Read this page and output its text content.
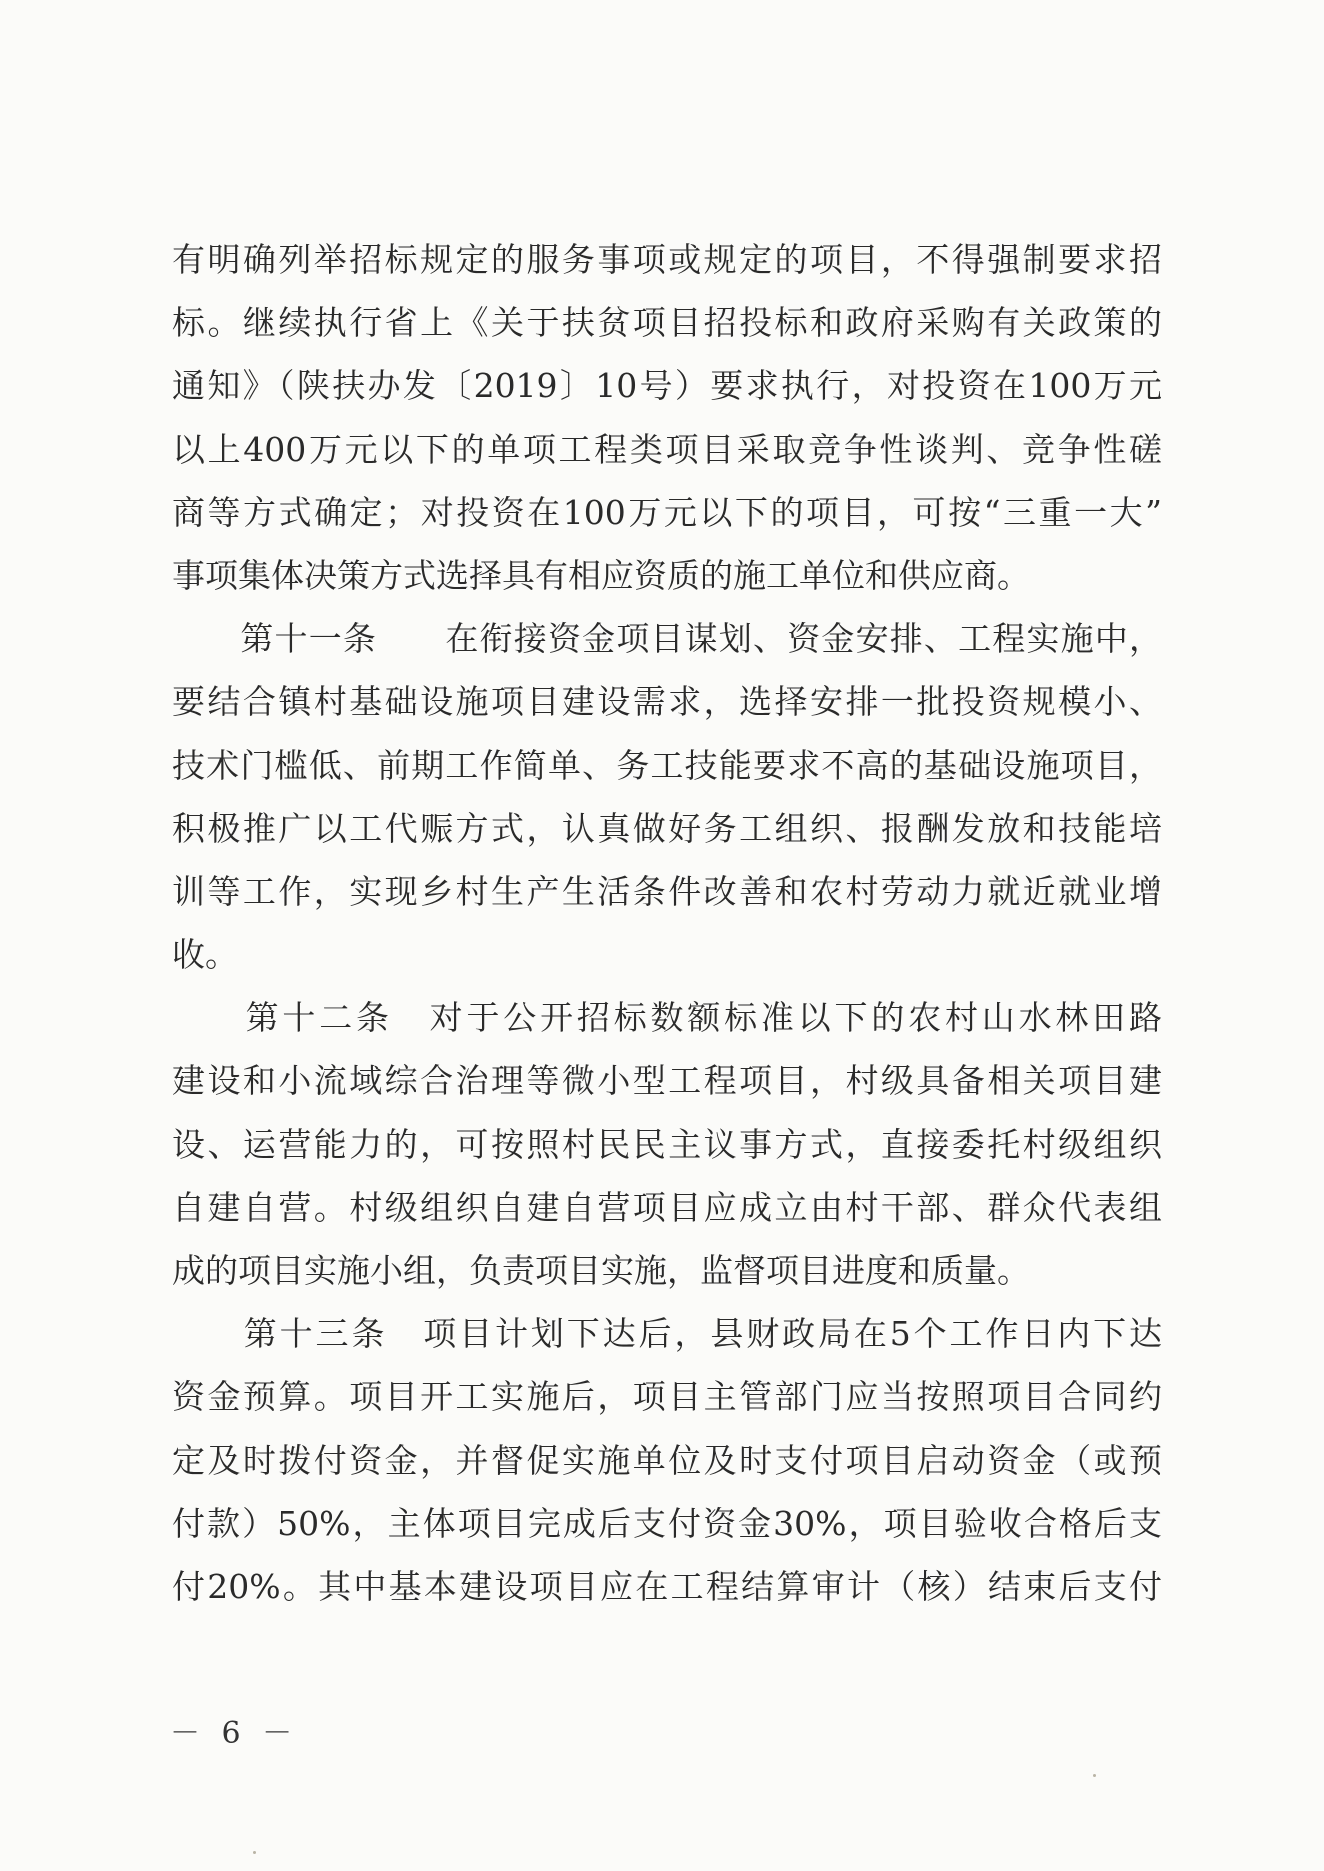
有明确列举招标规定的服务事项或规定的项目，不得强制要求招
标。继续执行省上《关于扶贫项目招投标和政府采购有关政策的
通知》（陕扶办发〔2019〕10号）要求执行，对投资在100万元
以上400万元以下的单项工程类项目采取竞争性谈判、竞争性磋
商等方式确定；对投资在100万元以下的项目，可按“三重一大”
事项集体决策方式选择具有相应资质的施工单位和供应商。
　　第十一条　　在衔接资金项目谋划、资金安排、工程实施中，
要结合镇村基础设施项目建设需求，选择安排一批投资规模小、
技术门槛低、前期工作简单、务工技能要求不高的基础设施项目，
积极推广以工代赈方式，认真做好务工组织、报酬发放和技能培
训等工作，实现乡村生产生活条件改善和农村劳动力就近就业增
收。
　　第十二条　对于公开招标数额标准以下的农村山水林田路
建设和小流域综合治理等微小型工程项目，村级具备相关项目建
设、运营能力的，可按照村民民主议事方式，直接委托村级组织
自建自营。村级组织自建自营项目应成立由村干部、群众代表组
成的项目实施小组，负责项目实施，监督项目进度和质量。
　　第十三条　项目计划下达后，县财政局在5个工作日内下达
资金预算。项目开工实施后，项目主管部门应当按照项目合同约
定及时拨付资金，并督促实施单位及时支付项目启动资金（或预
付款）50%，主体项目完成后支付资金30%，项目验收合格后支
付20%。其中基本建设项目应在工程结算审计（核）结束后支付
－ 6 －
